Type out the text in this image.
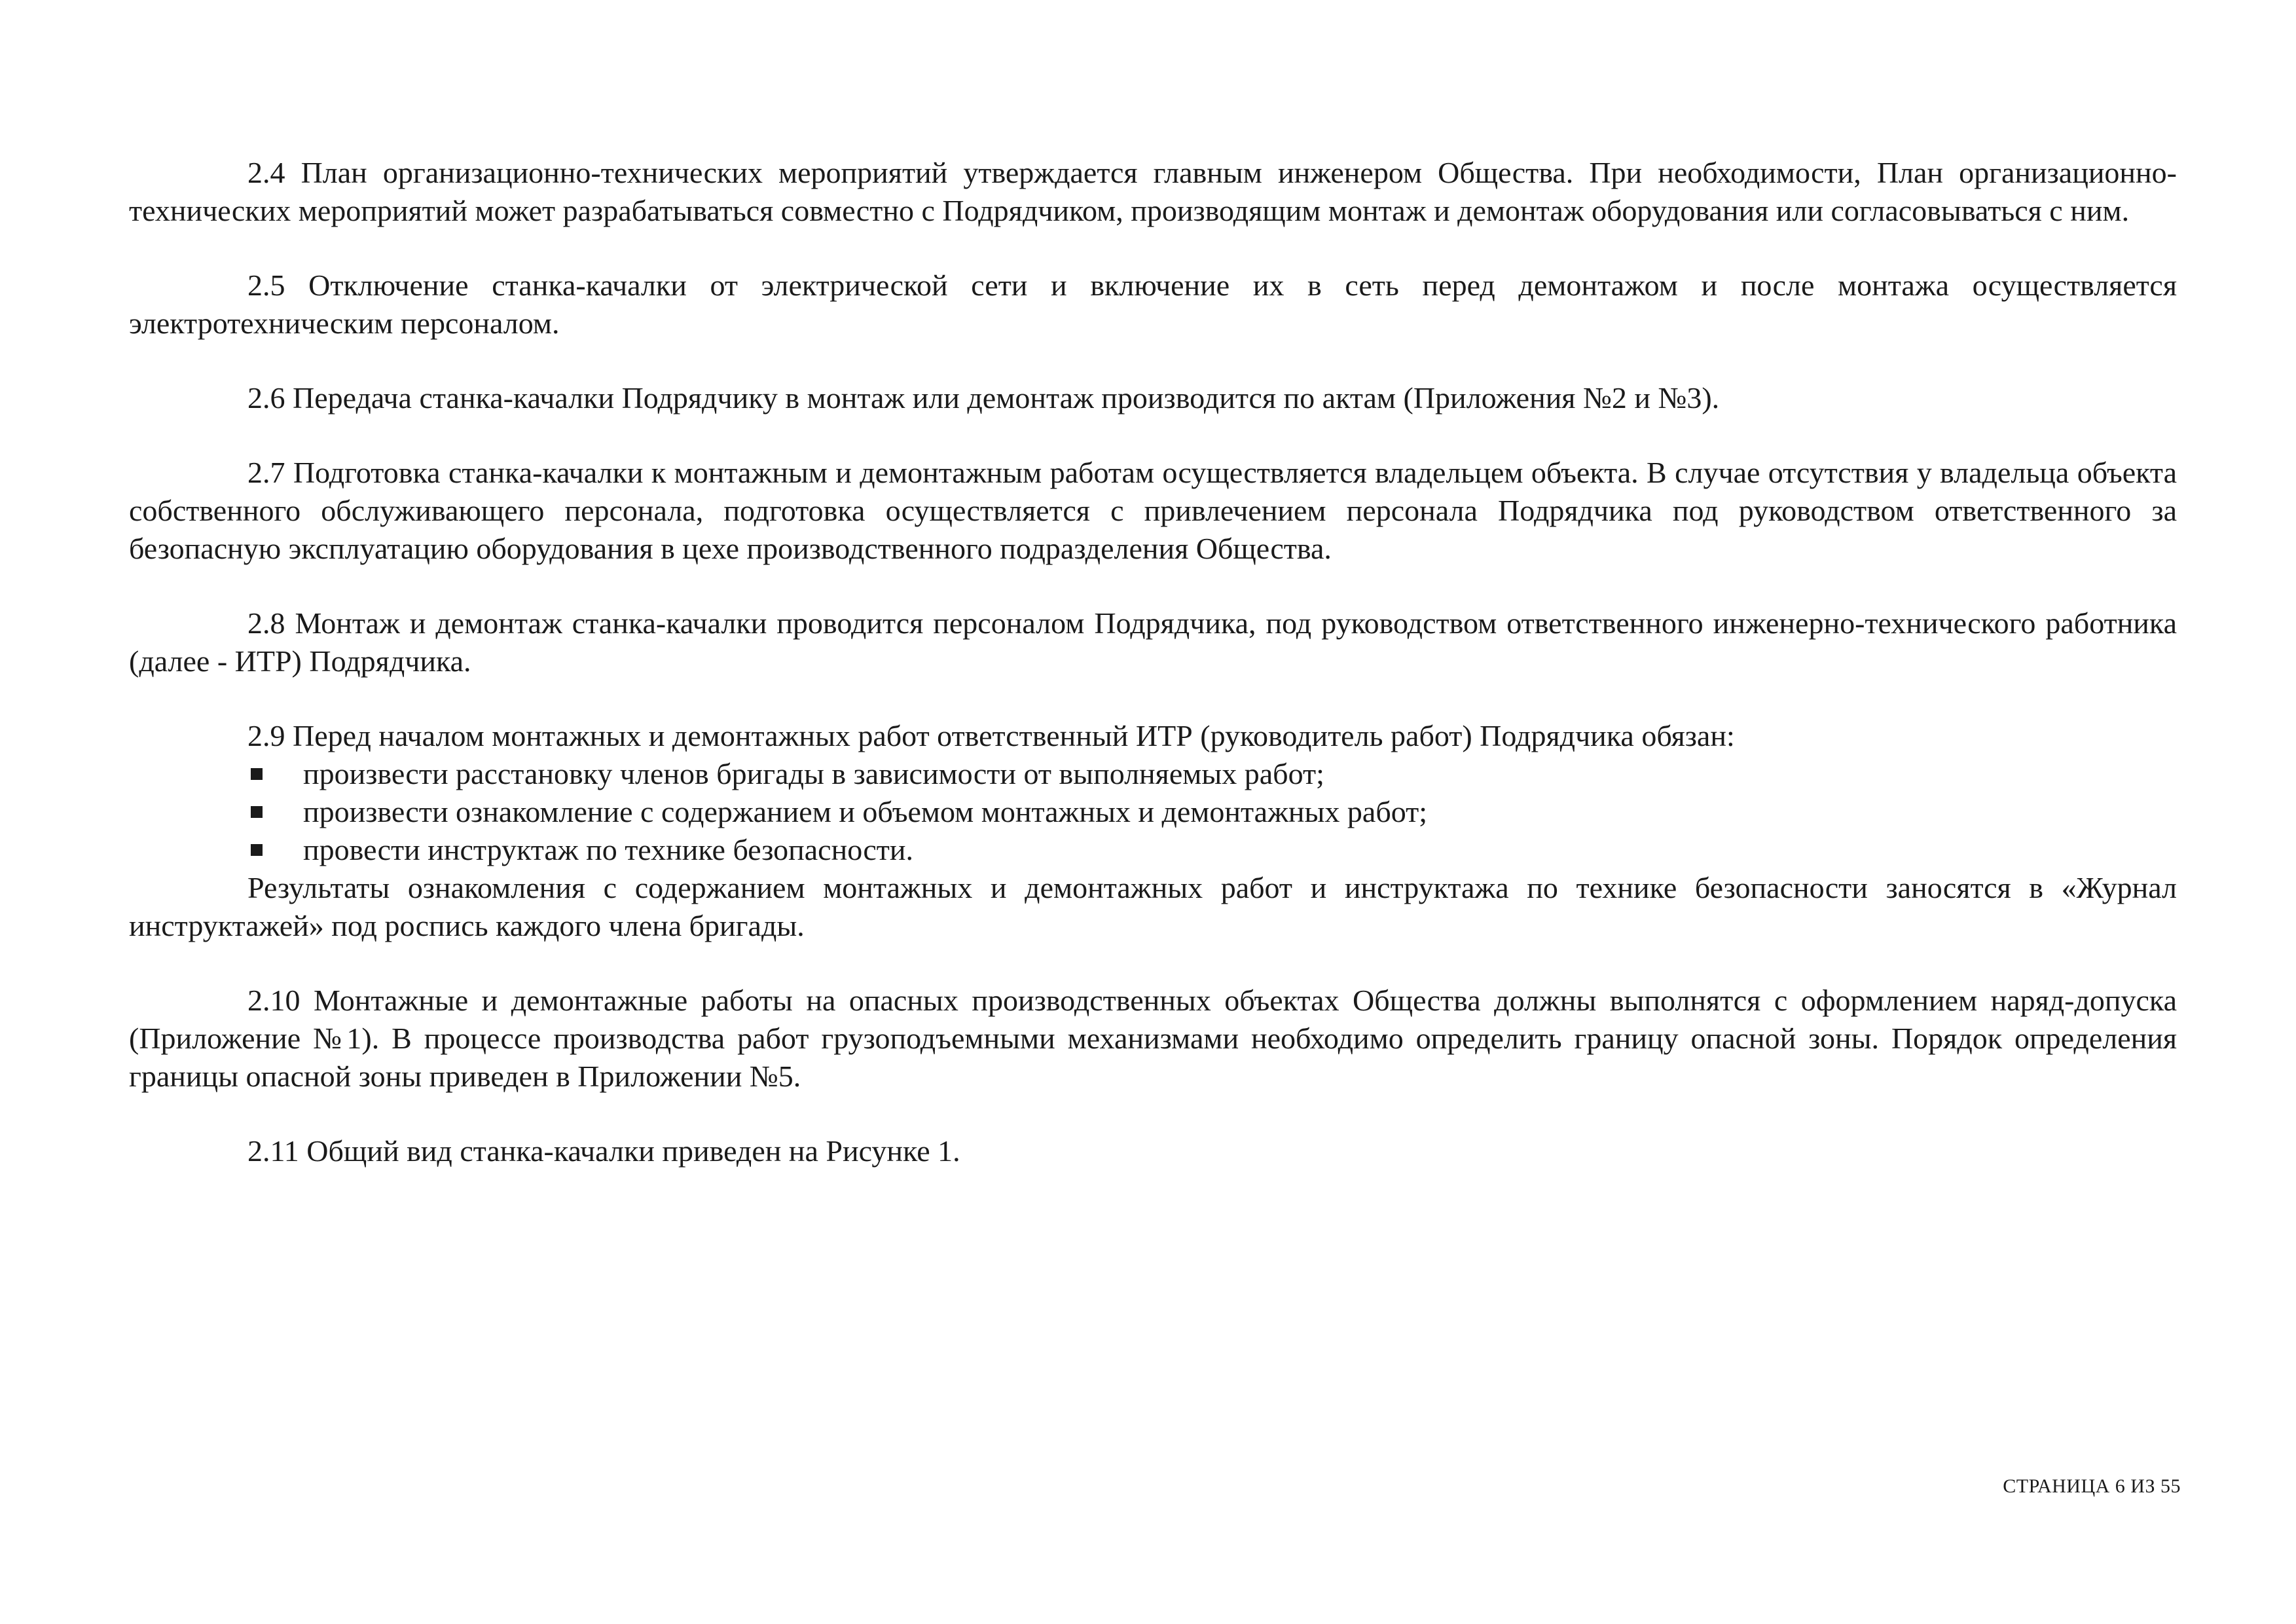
2.4 План организационно-технических мероприятий утверждается главным инженером Общества. При необходимости, План организационно-технических мероприятий может разрабатываться совместно с Подрядчиком, производящим монтаж и демонтаж оборудования или согласовываться с ним.

2.5 Отключение станка-качалки от электрической сети и включение их в сеть перед демонтажом и после монтажа осуществляется электротехническим персоналом.

2.6 Передача станка-качалки Подрядчику в монтаж или демонтаж производится по актам (Приложения №2 и №3).

2.7 Подготовка станка-качалки к монтажным и демонтажным работам осуществляется владельцем объекта. В случае отсутствия у владельца объекта собственного обслуживающего персонала, подготовка осуществляется с привлечением персонала Подрядчика под руководством ответственного за безопасную эксплуатацию оборудования в цехе производственного подразделения Общества.

2.8 Монтаж и демонтаж станка-качалки проводится персоналом Подрядчика, под руководством ответственного инженерно-технического работника (далее - ИТР) Подрядчика.

2.9 Перед началом монтажных и демонтажных работ ответственный ИТР (руководитель работ) Подрядчика обязан:

произвести расстановку членов бригады в зависимости от выполняемых работ;
произвести ознакомление с содержанием и объемом монтажных и демонтажных работ;
провести инструктаж по технике безопасности.

Результаты ознакомления с содержанием монтажных и демонтажных работ и инструктажа по технике безопасности заносятся в «Журнал инструктажей» под роспись каждого члена бригады.

2.10 Монтажные и демонтажные работы на опасных производственных объектах Общества должны выполнятся с оформлением наряд-допуска (Приложение №1). В процессе производства работ грузоподъемными механизмами необходимо определить границу опасной зоны. Порядок определения границы опасной зоны приведен в Приложении №5.

2.11 Общий вид станка-качалки приведен на Рисунке 1.

СТРАНИЦА 6 ИЗ 55
